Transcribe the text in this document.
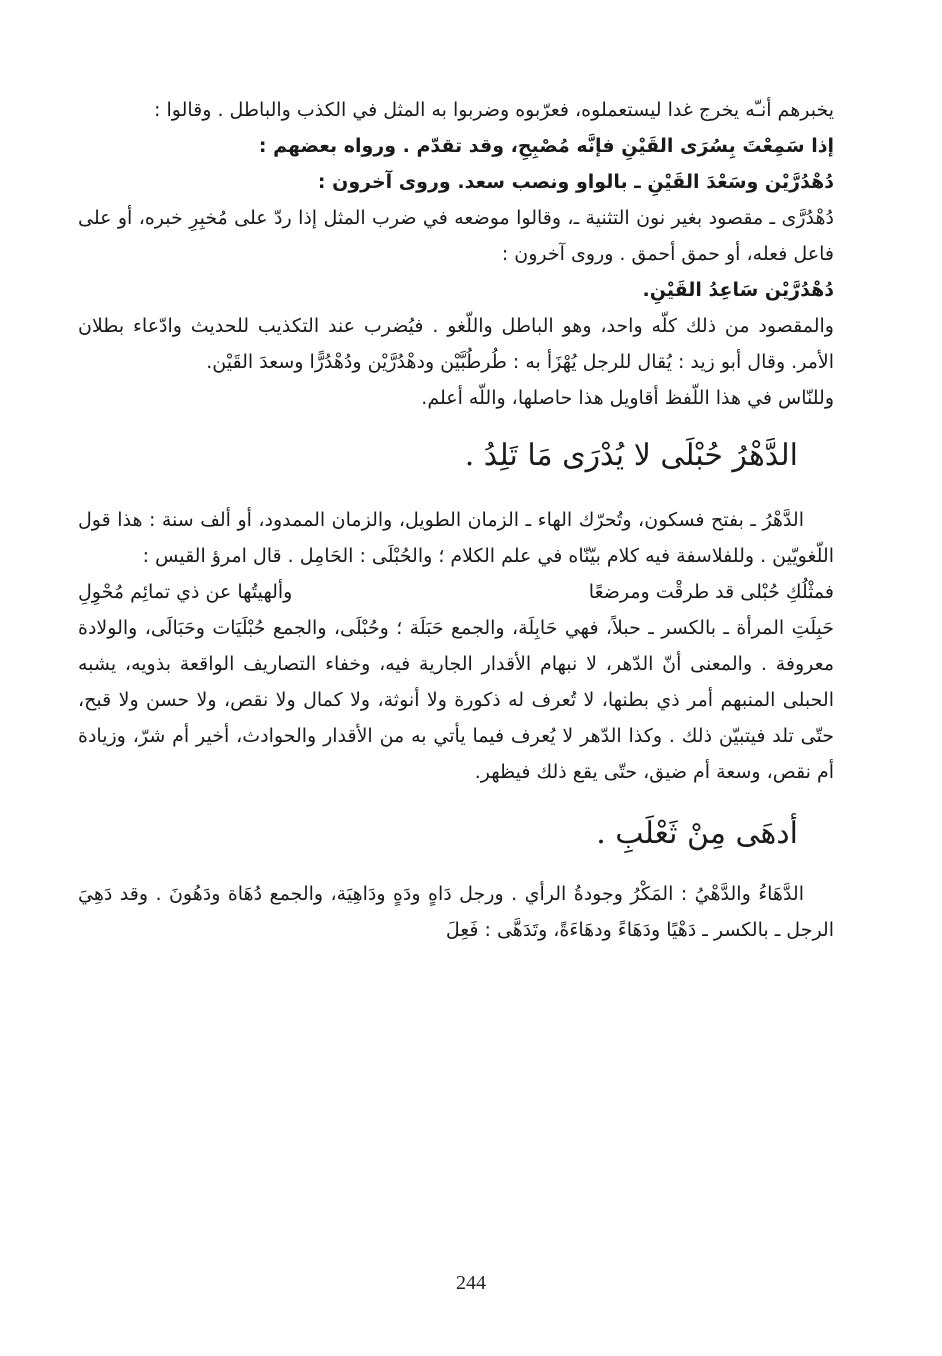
يخبرهم أنـّه يخرج غدا ليستعملوه، فعرّبوه وضربوا به المثل في الكذب والباطل . وقالوا :

إذا سَمِعْتَ بِسُرَى القَيْنِ فإنَّه مُصْبِحِ، وقد تقدّم . ورواه بعضهم :

دُهْدُرَّيْن وسَعْدَ القَيْنِ ـ بالواو ونصب سعد. وروى آخرون :

دُهْدُرَّى ـ مقصود بغير نون التثنية ـ، وقالوا موضعه في ضرب المثل إذا ردّ على مُخبِرِ خبره، أو على فاعل فعله، أو حمق أحمق . وروى آخرون :

دُهْدُرَّيْن سَاعِدُ القَيْنِ.

والمقصود من ذلك كلّه واحد، وهو الباطل واللّغو . فيُضرب عند التكذيب للحديث وادّعاء بطلان الأمر. وقال أبو زيد : يُقال للرجل يُهْزَأ به : طُرطُبَّيْن ودهْدُرَّيْن ودُهْدُرًّا وسعدَ القَيْن.

وللنّاس في هذا اللّفظ أقاويل هذا حاصلها، واللّه أعلم.

الدَّهْرُ حُبْلَى لا يُدْرَى مَا تَلِدُ .

الدَّهْرُ ـ بفتح فسكون، وتُحرّك الهاء ـ الزمان الطويل، والزمان الممدود، أو ألف سنة : هذا قول اللّغويّين . وللفلاسفة فيه كلام بيّنّاه في علم الكلام ؛ والحُبْلَى : الحَامِل . قال امرؤ القيس :

فمثْلُكِ حُبْلى قد طرقْت ومرضعًا
وألهيتُها عن ذي تمائِم مُحْوِلِ

حَبِلَتِ المرأة ـ بالكسر ـ حبلاً، فهي حَابِلَة، والجمع حَبَلَة ؛ وحُبْلَى، والجمع حُبْلَيَات وحَبَالَى، والولادة معروفة . والمعنى أنّ الدّهر، لا نبهام الأقدار الجارية فيه، وخفاء التصاريف الواقعة بذويه، يشبه الحبلى المنبهم أمر ذي بطنها، لا تُعرف له ذكورة ولا أنوثة، ولا كمال ولا نقص، ولا حسن ولا قبح، حتّى تلد فيتبيّن ذلك . وكذا الدّهر لا يُعرف فيما يأتي به من الأقدار والحوادث، أخير أم شرّ، وزيادة أم نقص، وسعة أم ضيق، حتّى يقع ذلك فيظهر.

أدهَى مِنْ ثَعْلَبِ .

الدَّهَاءُ والدَّهْيُ : المَكْرُ وجودةُ الرأي . ورجل دَاهٍ ودَهٍ ودَاهِيَة، والجمع دُهَاة ودَهُونَ . وقد دَهِيَ الرجل ـ بالكسر ـ دَهْيًا ودَهَاءً ودهَاءَةً، وتَدَهَّى : فَعِلَ

244
